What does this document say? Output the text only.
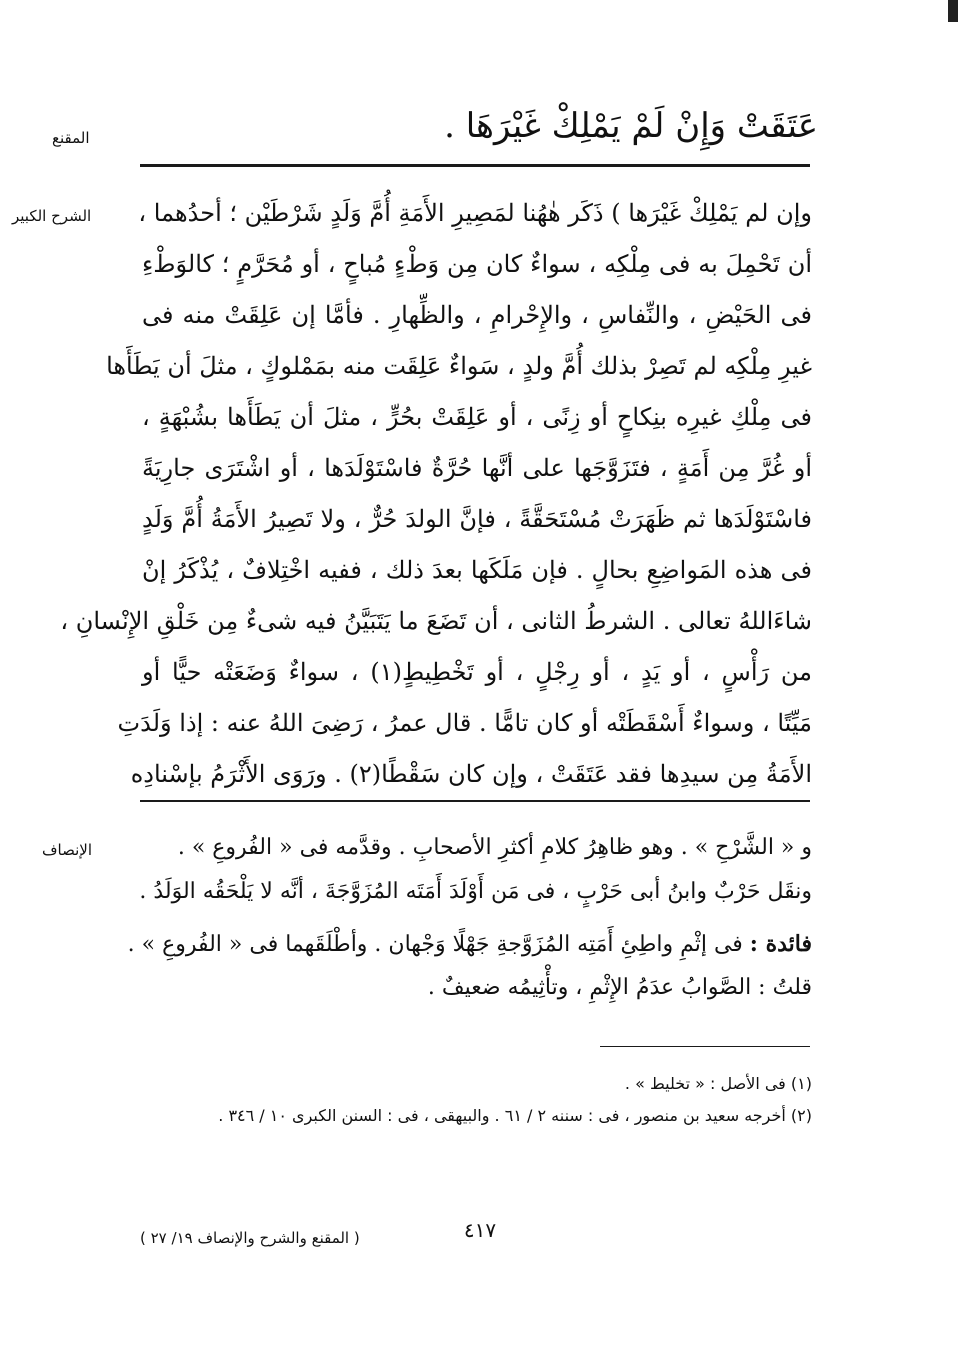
المقنع	عَتَقَتْ وَإِنْ لَمْ يَمْلِكْ غَيْرَهَا .
الشرح الكبير	وإن لم يَمْلِكْ غَيْرَها ) ذَكَر هٰهُنا لمَصِيرِ الأَمَةِ أُمَّ وَلَدٍ شَرْطَيْن ؛ أحدُهما ،
أن تَحْمِلَ به فى مِلْكِه ، سواءٌ كان مِن وَطْءٍ مُباحٍ ، أو مُحَرَّمٍ ؛ كالوَطْءِ
فى الحَيْضِ ، والنِّفاسِ ، والإِحْرامِ ، والظِّهارِ . فأمَّا إن عَلِقَتْ منه فى
غيرِ مِلْكِه لم تَصِرْ بذلك أُمَّ ولدٍ ، سَواءٌ عَلِقَت منه بمَمْلوكٍ ، مثلَ أن يَطَأَها
فى مِلْكِ غيرِه بنِكاحٍ أو زِنًى ، أو عَلِقَتْ بحُرٍّ ، مثلَ أن يَطَأَها بشُبْهَةٍ ،
أو غُرَّ مِن أَمَةٍ ، فتَزَوَّجَها على أنَّها حُرَّةٌ فاسْتَوْلَدَها ، أو اشْتَرَى جارِيَةً
فاسْتَوْلَدَها ثم ظَهَرَتْ مُسْتَحَقَّةً ، فإنَّ الولدَ حُرٌّ ، ولا تَصِيرُ الأَمَةُ أُمَّ وَلَدٍ
فى هذه المَواضِعِ بحالٍ . فإن مَلَكَها بعدَ ذلك ، ففيه اخْتِلافٌ ، يُذْكَرُ إنْ
شاءَاللهُ تعالى . الشرطُ الثانى ، أن تَضَعَ ما يَتَبَيَّنُ فيه شىءٌ مِن خَلْقِ الإِنْسانِ ،
من رَأْسٍ ، أو يَدٍ ، أو رِجْلٍ ، أو تَخْطِيطٍ(١) ، سواءٌ وَضَعَتْه حيًّا أو
مَيِّتًا ، وسواءٌ أَسْقَطَتْه أو كان تامًّا . قال عمرُ ، رَضِىَ اللهُ عنه : إذا وَلَدَتِ
الأَمَةُ مِن سيدِها فقد عَتَقَتْ ، وإن كان سَقْطًا(٢) . ورَوَى الأَثْرَمُ بإسْنادِه
الإنصاف	و « الشَّرْحِ » . وهو ظاهِرُ كلامِ أكثرِ الأصحابِ . وقدَّمه فى « الفُروعِ » .
ونقَل حَرْبٌ وابنُ أبى حَرْبٍ ، فى مَن أَوْلَدَ أَمَتَه المُزَوَّجَةَ ، أنَّه لا يَلْحَقُه الوَلَدُ .
فائدة : فى إثْمِ واطِئِ أَمَتِه المُزَوَّجةِ جَهْلًا وَجْهان . وأطْلَقَهما فى « الفُروعِ » .
قلتُ : الصَّوابُ عدَمُ الإِثْمِ ، وتأْثِيمُه ضعيفٌ .
(١) فى الأصل : « تخليط » .
(٢) أخرجه سعيد بن منصور ، فى : سننه ٢ / ٦١ . والبيهقى ، فى : السنن الكبرى ١٠ / ٣٤٦ .
٤١٧
( المقنع والشرح والإنصاف ١٩/ ٢٧ )
